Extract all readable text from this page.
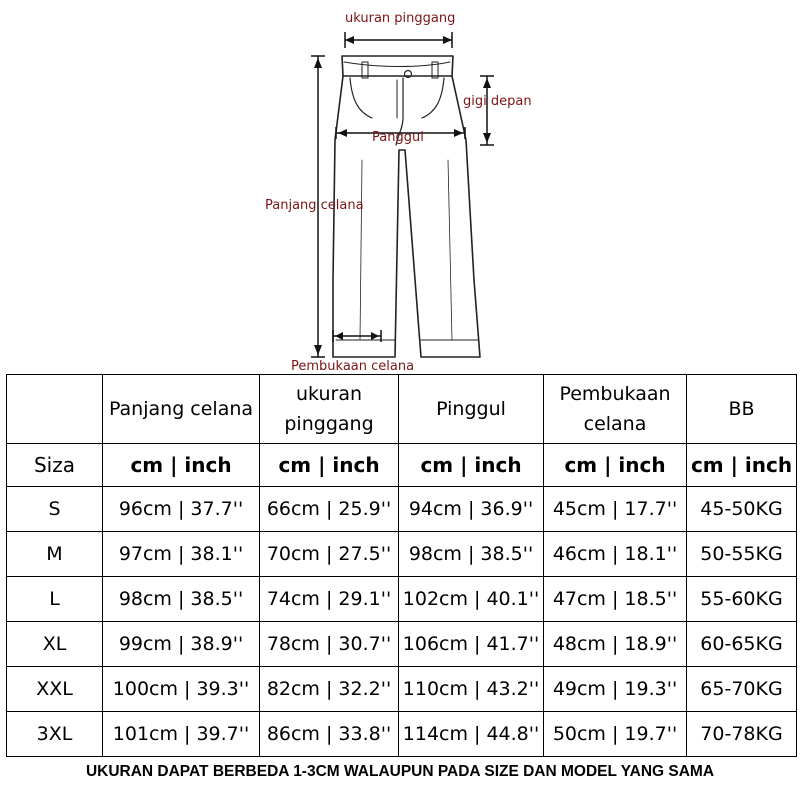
ukuran pinggang
gigi depan
Panggul
Panjang celana
Pembukaan celana
	Panjang celana	ukuran pinggang	Pinggul	Pembukaan celana	BB
Siza	cm | inch	cm | inch	cm | inch	cm | inch	cm | inch
S	96cm | 37.7''	66cm | 25.9''	94cm | 36.9''	45cm | 17.7''	45-50KG
M	97cm | 38.1''	70cm | 27.5''	98cm | 38.5''	46cm | 18.1''	50-55KG
L	98cm | 38.5''	74cm | 29.1''	102cm | 40.1''	47cm | 18.5''	55-60KG
XL	99cm | 38.9''	78cm | 30.7''	106cm | 41.7''	48cm | 18.9''	60-65KG
XXL	100cm | 39.3''	82cm | 32.2''	110cm | 43.2''	49cm | 19.3''	65-70KG
3XL	101cm | 39.7''	86cm | 33.8''	114cm | 44.8''	50cm | 19.7''	70-78KG
UKURAN DAPAT BERBEDA 1-3CM WALAUPUN PADA SIZE DAN MODEL YANG SAMA
